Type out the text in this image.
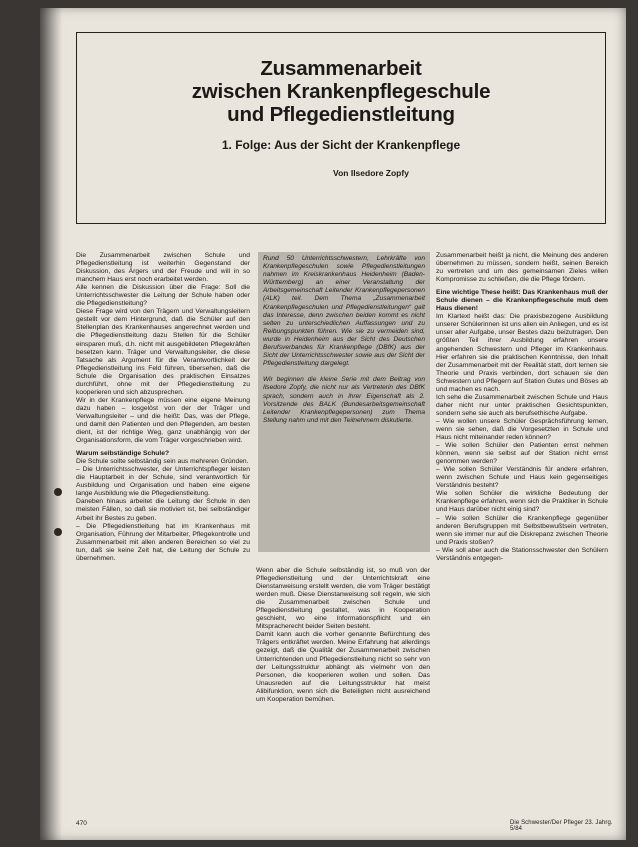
Zusammenarbeit
zwischen Krankenpflegeschule
und Pflegedienstleitung
1. Folge: Aus der Sicht der Krankenpflege
Von Ilsedore Zopfy

Die Zusammenarbeit zwischen Schule und Pflegedienstleitung ist weiterhin Gegenstand der Diskussion, des Ärgers und der Freude und will in so manchem Haus erst noch erarbeitet werden.

Alle kennen die Diskussion über die Frage: Soll die Unterrichtsschwester die Leitung der Schule haben oder die Pflegedienstleitung?

Diese Frage wird von den Trägern und Verwaltungsleitern gestellt vor dem Hintergrund, daß die Schüler auf den Stellenplan des Krankenhauses angerechnet werden und die Pflegedienstleitung dazu Stellen für die Schüler einsparen muß, d.h. nicht mit ausgebildeten Pflegekräften besetzen kann. Träger und Verwaltungsleiter, die diese Tatsache als Argument für die Verantwortlichkeit der Pflegedienstleitung ins Feld führen, tibersehen, daß die Schule die Organisation des praktischen Einsatzes durchführt, ohne mit der Pflegedienstleitung zu kooperieren und sich abzusprechen.

Wir in der Krankenpflege müssen eine eigene Meinung dazu haben – losgelöst von der der Träger und Verwaltungsleiter – und die heißt: Das, was der Pflege, und damit den Patienten und den Pflegenden, am besten dient, ist der richtige Weg, ganz unabhängig von der Organisationsform, die vom Träger vorgeschrieben wird.

Warum selbständige Schule?

Die Schule sollte selbständig sein aus mehreren Gründen.

– Die Unterrichtsschwester, der Unterrichtspfleger leisten die Hauptarbeit in der Schule, sind verantwortlich für Ausbildung und Organisation und haben eine eigene lange Ausbildung wie die Pflegedienstleitung.

Daneben hinaus arbeitet die Leitung der Schule in den meisten Fällen, so daß sie motiviert ist, bei selbständiger Arbeit ihr Bestes zu geben.

– Die Pflegedienstleitung hat im Krankenhaus mit Organisation, Führung der Mitarbeiter, Pflegekontrolle und Zusammenarbeit mit allen anderen Bereichen so viel zu tun, daß sie keine Zeit hat, die Leitung der Schule zu übernehmen.

Rund 50 Unterrichtsschwestern, Lehrkräfte von Krankenpflegeschulen sowie Pflegedienstleitungen nahmen im Kreiskrankenhaus Heidenheim (Baden-Württemberg) an einer Veranstaltung der Arbeitsgemeinschaft Leitender Krankenpflegepersonen (ALK) teil. Dem Thema „Zusammenarbeit Krankenpflegeschulen und Pflegedienstleitungen“ galt das Interesse, denn zwischen beiden kommt es nicht selten zu unterschiedlichen Auffassungen und zu Reibungspunkten führen. Wie sie zu vermeiden sind, wurde in Heidenheim aus der Sicht des Deutschen Berufsverbandes für Krankenpflege (DBfK) aus der Sicht der Unterrichtsschwester sowie aus der Sicht der Pflegedienstleitung dargelegt.

Wir beginnen die kleine Serie mit dem Beitrag von Ilsedore Zopfy, die nicht nur als Vertreterin des DBfK sprach, sondern auch in ihrer Eigenschaft als 2. Vorsitzende des BALK (Bundesarbeitsgemeinschaft Leitender Krankenpflegepersonen) zum Thema Stellung nahm und mit den Teilnehmern diskutierte.

Wenn aber die Schule selbständig ist, so muß von der Pflegedienstleitung und der Unterrichtskraft eine Dienstanweisung erstellt werden, die vom Träger bestätigt werden muß. Diese Dienstanweisung soll regeln, wie sich die Zusammenarbeit zwischen Schule und Pflegedienstleitung gestaltet, was in Kooperation geschieht, wo eine Informationspflicht und ein Mitspracherecht beider Seiten besteht.

Damit kann auch die vorher genannte Befürchtung des Trägers entkräftet werden. Meine Erfahrung hat allerdings gezeigt, daß die Qualität der Zusammenarbeit zwischen Unterrichtenden und Pflegedienstleitung nicht so sehr von der Leitungsstruktur abhängt als vielmehr von den Personen, die kooperieren wollen und sollen. Das Unausreden auf die Leitungsstruktur hat meist Alibifunktion, wenn sich die Beteiligten nicht ausreichend um Kooperation bemühen.

Zusammenarbeit heißt ja nicht, die Meinung des anderen übernehmen zu müssen, sondern heißt, seinen Bereich zu vertreten und um des gemeinsamen Zieles willen Kompromisse zu schließen, die die Pflege fördern.

Eine wichtige These heißt: Das Krankenhaus muß der Schule dienen – die Krankenpflegeschule muß dem Haus dienen!

Im Klartext heißt das: Die praxisbezogene Ausbildung unserer Schülerinnen ist uns allen ein Anliegen, und es ist unser aller Aufgabe, unser Bestes dazu beizutragen. Den größten Teil ihrer Ausbildung erfahren unsere angehenden Schwestern und Pfleger im Krankenhaus. Hier erfahren sie die praktischen Kenntnisse, den Inhalt der Zusammenarbeit mit der Realität statt, dort lernen sie Theorie und Praxis verbinden, dort schauen sie den Schwestern und Pflegern auf Station Gutes und Böses ab und machen es nach.

Ich sehe die Zusammenarbeit zwischen Schule und Haus daher nicht nur unter praktischen Gesichtspunkten, sondern sehe sie auch als berufsethische Aufgabe.

– Wie wollen unsere Schüler Gesprächsführung lernen, wenn sie sehen, daß die Vorgesetzten in Schule und Haus nicht miteinander reden können?

– Wie sollen Schüler den Patienten ernst nehmen können, wenn sie selbst auf der Station nicht ernst genommen werden?

– Wie sollen Schüler Verständnis für andere erfahren, wenn zwischen Schule und Haus kein gegenseitiges Verständnis besteht?

Wie sollen Schüler die wirkliche Bedeutung der Krankenpflege erfahren, wenn sich die Praktiker in Schule und Haus darüber nicht einig sind?

– Wie sollen Schüler die Krankenpflege gegenüber anderen Berufsgruppen mit Selbstbewußtsein vertreten, wenn sie immer nur auf die Diskrepanz zwischen Theorie und Praxis stoßen?

– Wie soll aber auch die Stationsschwester den Schülern Verständnis entgegen-

470	Die Schwester/Der Pfleger 23. Jahrg. 5/84
